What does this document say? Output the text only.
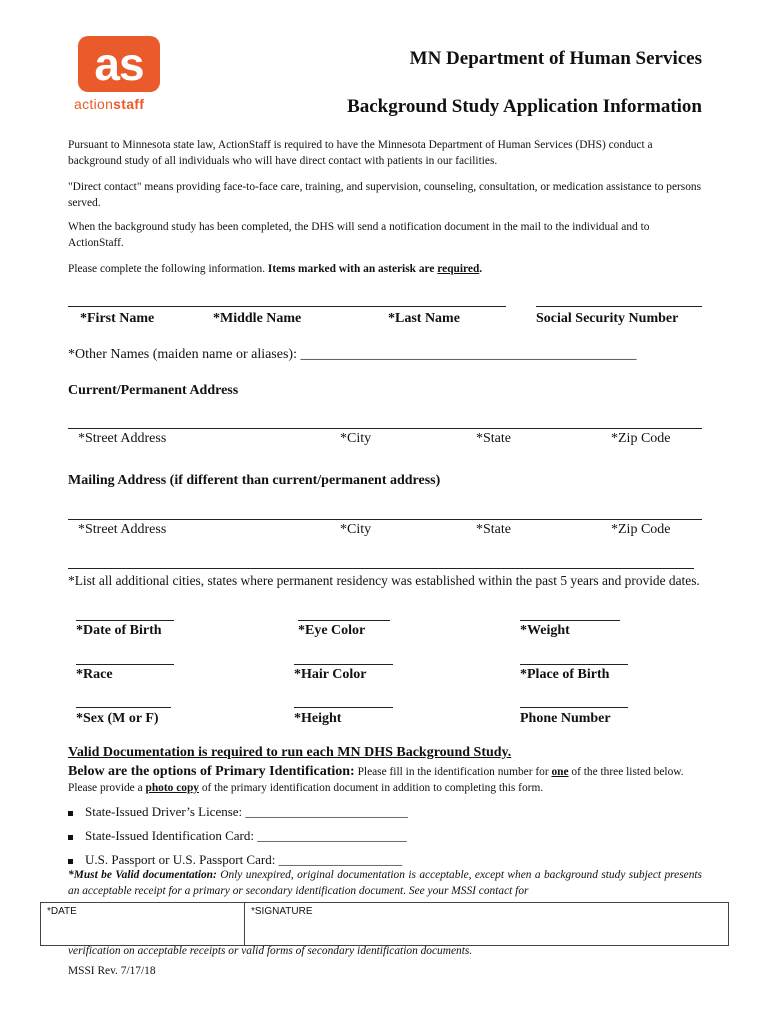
as
actionstaff
MN Department of Human Services
Background Study Application Information
Pursuant to Minnesota state law, ActionStaff is required to have the Minnesota Department of Human Services (DHS) conduct a background study of all individuals who will have direct contact with patients in our facilities.
"Direct contact" means providing face-to-face care, training, and supervision, counseling, consultation, or medication assistance to persons served.
When the background study has been completed, the DHS will send a notification document in the mail to the individual and to ActionStaff.
Please complete the following information. Items marked with an asterisk are required.
*First Name	*Middle Name	*Last Name	Social Security Number
*Other Names (maiden name or aliases): ________________________________________________
Current/Permanent Address
*Street Address	*City	*State	*Zip Code
Mailing Address (if different than current/permanent address)
*Street Address	*City	*State	*Zip Code
*List all additional cities, states where permanent residency was established within the past 5 years and provide dates.
*Date of Birth	*Eye Color	*Weight
*Race	*Hair Color	*Place of Birth
*Sex (M or F)	*Height	Phone Number
Valid Documentation is required to run each MN DHS Background Study.
Below are the options of Primary Identification: Please fill in the identification number for one of the three listed below. Please provide a photo copy of the primary identification document in addition to completing this form.
State-Issued Driver’s License: _________________________
State-Issued Identification Card: _______________________
U.S. Passport or U.S. Passport Card: ___________________
*Must be Valid documentation: Only unexpired, original documentation is acceptable, except when a background study subject presents an acceptable receipt for a primary or secondary identification document. See your MSSI contact for
*DATE	*SIGNATURE
verification on acceptable receipts or valid forms of secondary identification documents.
MSSI Rev. 7/17/18
